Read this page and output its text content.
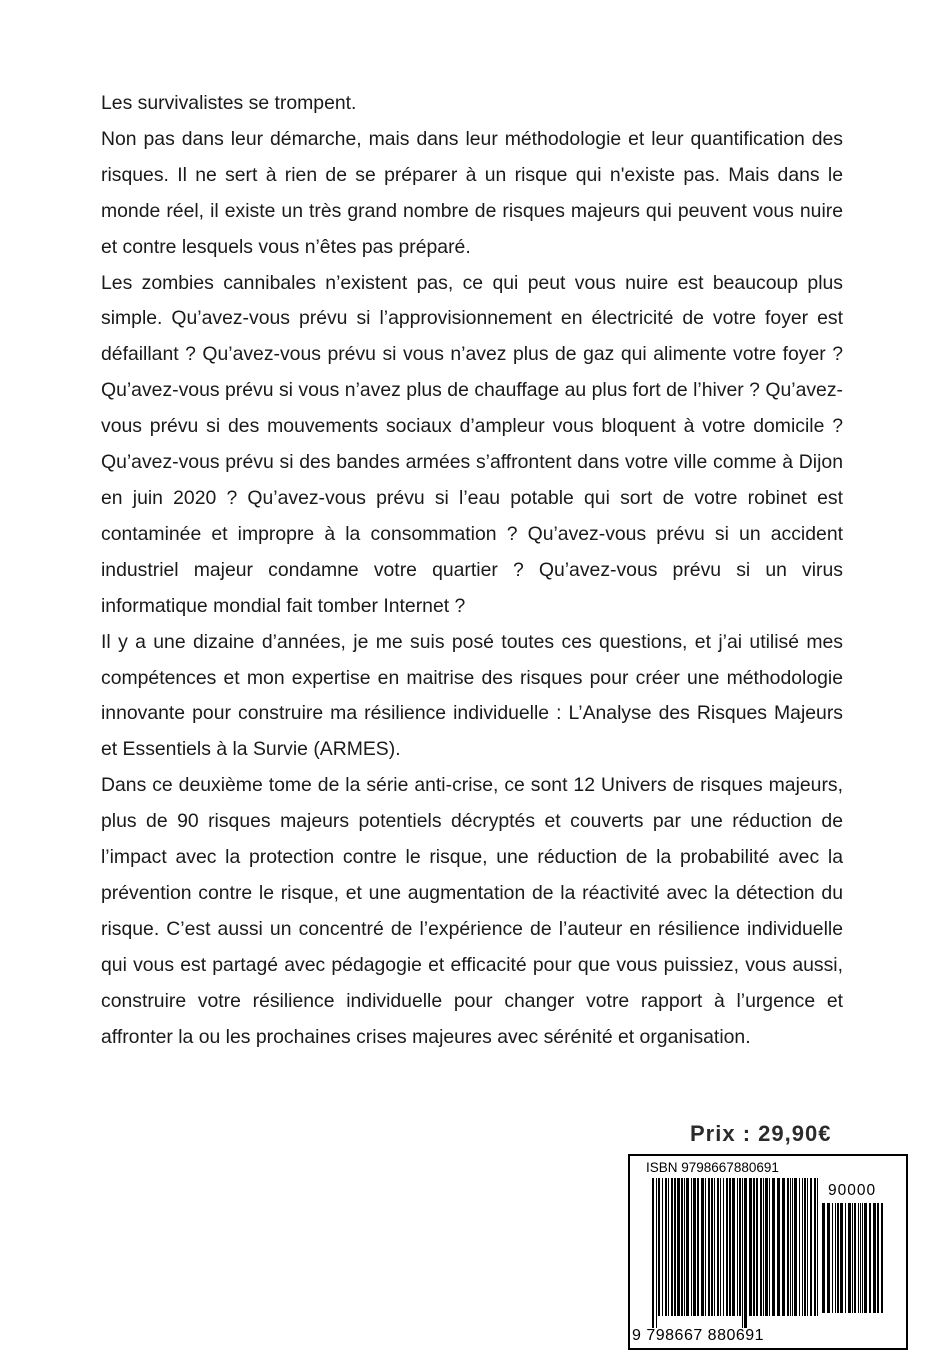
Les survivalistes se trompent.

Non pas dans leur démarche, mais dans leur méthodologie et leur quantification des risques. Il ne sert à rien de se préparer à un risque qui n'existe pas. Mais dans le monde réel, il existe un très grand nombre de risques majeurs qui peuvent vous nuire et contre lesquels vous n’êtes pas préparé.

Les zombies cannibales n’existent pas, ce qui peut vous nuire est beaucoup plus simple. Qu’avez-vous prévu si l’approvisionnement en électricité de votre foyer est défaillant ? Qu’avez-vous prévu si vous n’avez plus de gaz qui alimente votre foyer ? Qu’avez-vous prévu si vous n’avez plus de chauffage au plus fort de l’hiver ? Qu’avez-vous prévu si des mouvements sociaux d’ampleur vous bloquent à votre domicile ? Qu’avez-vous prévu si des bandes armées s’affrontent dans votre ville comme à Dijon en juin 2020 ? Qu’avez-vous prévu si l’eau potable qui sort de votre robinet est contaminée et impropre à la consommation ? Qu’avez-vous prévu si un accident industriel majeur condamne votre quartier ? Qu’avez-vous prévu si un virus informatique mondial fait tomber Internet ?

Il y a une dizaine d’années, je me suis posé toutes ces questions, et j’ai utilisé mes compétences et mon expertise en maitrise des risques pour créer une méthodologie innovante pour construire ma résilience individuelle : L’Analyse des Risques Majeurs et Essentiels à la Survie (ARMES).

Dans ce deuxième tome de la série anti-crise, ce sont 12 Univers de risques majeurs, plus de 90 risques majeurs potentiels décryptés et couverts par une réduction de l’impact avec la protection contre le risque, une réduction de la probabilité avec la prévention contre le risque, et une augmentation de la réactivité avec la détection du risque. C’est aussi un concentré de l’expérience de l’auteur en résilience individuelle qui vous est partagé avec pédagogie et efficacité pour que vous puissiez, vous aussi, construire votre résilience individuelle pour changer votre rapport à l’urgence et affronter la ou les prochaines crises majeures avec sérénité et organisation.

Prix : 29,90€
ISBN 9798667880691
90000
9 798667 880691
